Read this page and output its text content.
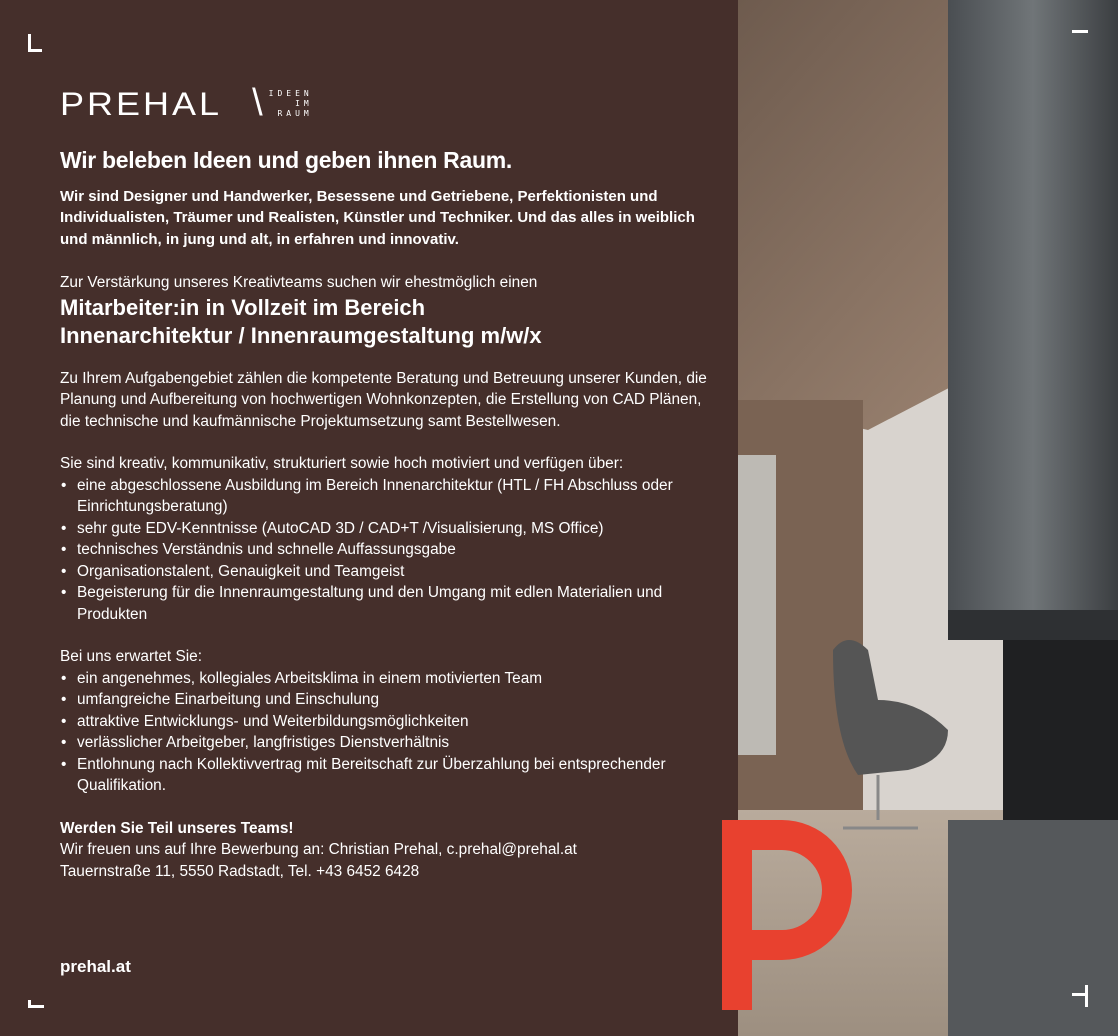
PREHAL \ IDEEN
IM
RAUM
Wir beleben Ideen und geben ihnen Raum.

Wir sind Designer und Handwerker, Besessene und Getriebene, Perfektionisten und Individualisten, Träumer und Realisten, Künstler und Techniker. Und das alles in weiblich und männlich, in jung und alt, in erfahren und innovativ.

Zur Verstärkung unseres Kreativteams suchen wir ehestmöglich einen

Mitarbeiter:in in Vollzeit im Bereich
Innenarchitektur / Innenraumgestaltung m/w/x

Zu Ihrem Aufgabengebiet zählen die kompetente Beratung und Betreuung unserer Kunden, die Planung und Aufbereitung von hochwertigen Wohnkonzepten, die Erstellung von CAD Plänen, die technische und kaufmännische Projektumsetzung samt Bestellwesen.

Sie sind kreativ, kommunikativ, strukturiert sowie hoch motiviert und verfügen über:

• eine abgeschlossene Ausbildung im Bereich Innenarchitektur (HTL / FH Abschluss oder Einrichtungsberatung)
• sehr gute EDV-Kenntnisse (AutoCAD 3D / CAD+T /Visualisierung, MS Office)
• technisches Verständnis und schnelle Auffassungsgabe
• Organisationstalent, Genauigkeit und Teamgeist
• Begeisterung für die Innenraumgestaltung und den Umgang mit edlen Materialien und Produkten

Bei uns erwartet Sie:

• ein angenehmes, kollegiales Arbeitsklima in einem motivierten Team
• umfangreiche Einarbeitung und Einschulung
• attraktive Entwicklungs- und Weiterbildungsmöglichkeiten
• verlässlicher Arbeitgeber, langfristiges Dienstverhältnis
• Entlohnung nach Kollektivvertrag mit Bereitschaft zur Überzahlung bei entsprechender Qualifikation.

Werden Sie Teil unseres Teams!

Wir freuen uns auf Ihre Bewerbung an: Christian Prehal, c.prehal@prehal.at

Tauernstraße 11, 5550 Radstadt, Tel. +43 6452 6428

prehal.at
